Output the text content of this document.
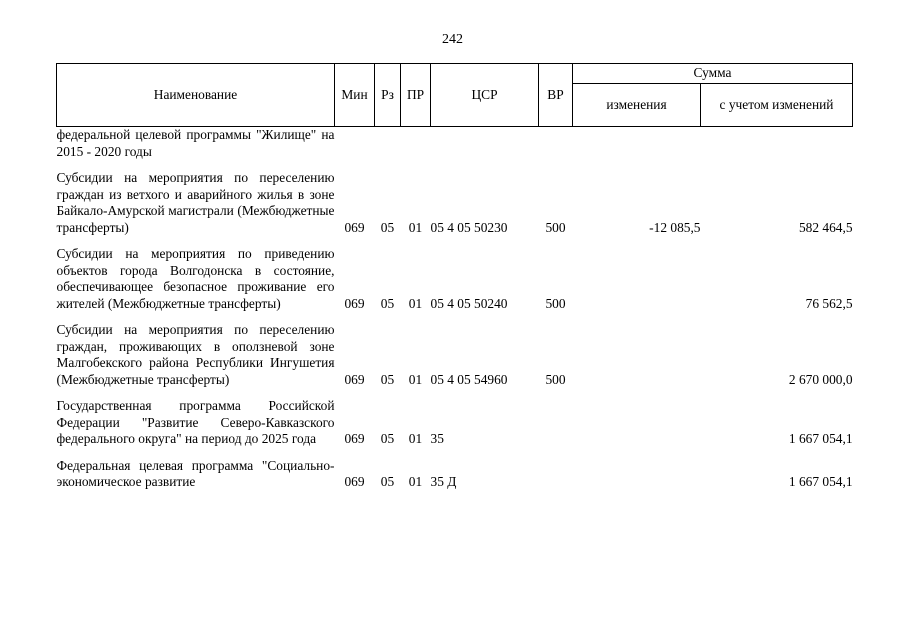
242
Наименование	Мин	Рз	ПР	ЦСР	ВР	Сумма	
						изменения	с учетом изменений

федеральной целевой программы "Жилище" на 2015 - 2020 годы							

Субсидии на мероприятия по переселению граждан из ветхого и аварийного жилья в зоне Байкало-Амурской магистрали (Межбюджетные трансферты)	069	05	01	05 4 05 50230	500	-12 085,5	582 464,5

Субсидии на мероприятия по приведению объектов города Волгодонска в состояние, обеспечивающее безопасное проживание его жителей (Межбюджетные трансферты)	069	05	01	05 4 05 50240	500		76 562,5

Субсидии на мероприятия по переселению граждан, проживающих в оползневой зоне Малгобекского района Республики Ингушетия (Межбюджетные трансферты)	069	05	01	05 4 05 54960	500		2 670 000,0

Государственная программа Российской Федерации "Развитие Северо-Кавказского федерального округа" на период до 2025 года	069	05	01	35			1 667 054,1

Федеральная целевая программа "Социально-экономическое развитие	069	05	01	35 Д			1 667 054,1
